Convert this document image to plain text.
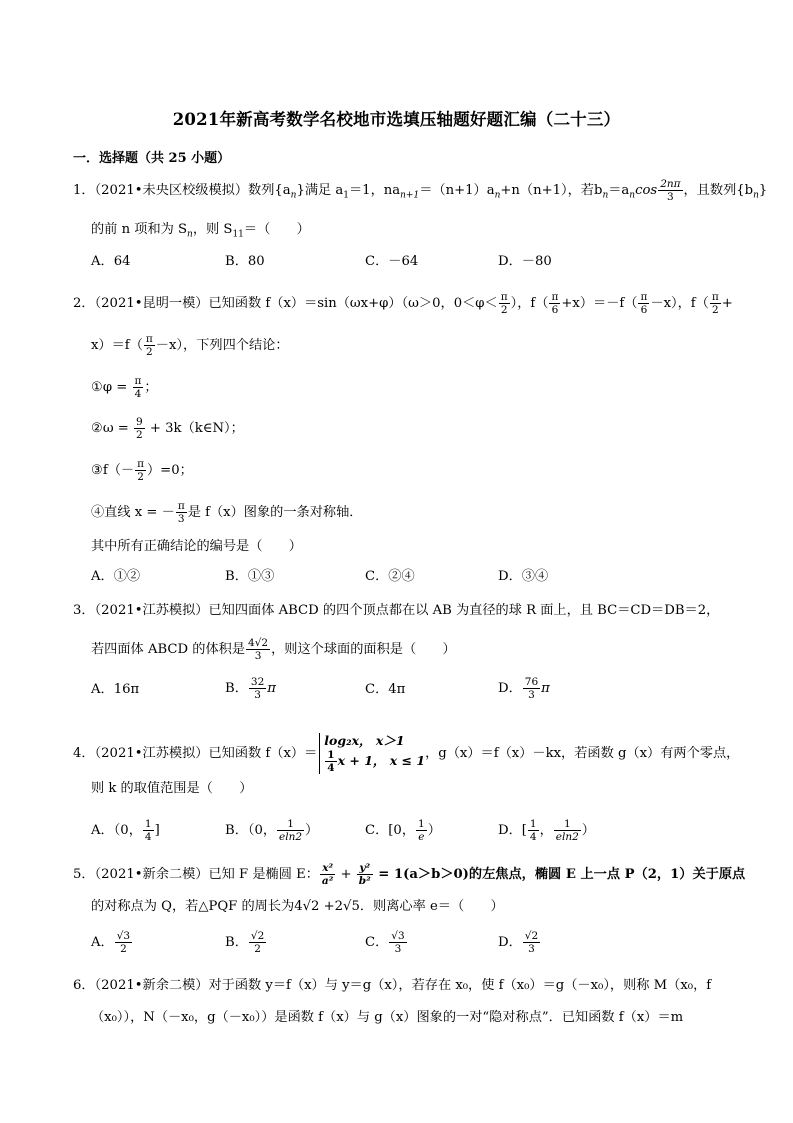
2021年新高考数学名校地市选填压轴题好题汇编（二十三）
一．选择题（共 25 小题）
1．（2021•未央区校级模拟）数列$\{a_n\}$满足 $a_1=1$，$na_{n+1}=(n+1)a_n+n(n+1)$，若$b_n=a_n\cos \frac{2n\pi}{3}$ ，且数列$\{b_n\}$
的前 n 项和为 $S_n$，则 $S_{11}=$（　　）
A．64	B．80	C．－64	D．－80
2．（2021•昆明一模）已知函数 f（x）＝sin（ωx+φ）（ω＞0，$0<\varphi< \frac{\pi}{2}$ ），$f( \frac{\pi}{6} +x)=-f( \frac{\pi}{6} -x)$，$f( \frac{\pi}{2}$ +
$x)=f( \frac{\pi}{2} -x)$，下列四个结论：
①φ = $\frac{\pi}{4}$ ；
②ω = $\frac{9}{2}$ + 3k（k∈N）；
③f（－ $\frac{\pi}{2} )=0$；
④直线 x = － $\frac{\pi}{3}$ 是 f（x）图象的一条对称轴．
其中所有正确结论的编号是（　　）
A．①②	B．①③	C．②④	D．③④
3．（2021•江苏模拟）已知四面体 ABCD 的四个顶点都在以 AB 为直径的球 R 面上，且 BC＝CD＝DB＝2，
若四面体 ABCD 的体积是 $\frac{4√2}{3}$ ，则这个球面的面积是（　　）
A．16π	B． $\frac{32}{3}$ π	C．4π	D． $\frac{76}{3}$ π
4．（2021•江苏模拟）已知函数 f（x）＝
log₂x， x＞1
$\frac{1}{4}$ x + 1， x ≤ 1 ，g（x）＝f（x）－kx，若函数 g（x）有两个零点，
则 k 的取值范围是（　　）
A．（0， $\frac{1}{4}$ ]	B．（0， $\frac{1}{eln2}$ ）	C．[0， $\frac{1}{e}$ ）	D．[ $\frac{1}{4}$ ， $\frac{1}{eln2}$ ）
5．（2021•新余二模）已知 F 是椭圆 E： $\frac{\text{x²}}{\text{a²}} + \frac{\text{y²}}{\text{b²}} = 1(a>b>0)$的左焦点，椭圆 E 上一点 P（2，1）关于原点
的对称点为 Q，若△PQF 的周长为4√2 +2√5．则离心率 e＝（　　）
A． $\frac{√3}{2}$	B． $\frac{√2}{2}$	C． $\frac{√3}{3}$	D． $\frac{√2}{3}$
6．（2021•新余二模）对于函数 y＝f（x）与 y＝g（x），若存在 x₀，使 f（x₀）＝g（－x₀），则称 M（x₀，f
（x₀）），N（－x₀，g（－x₀））是函数 f（x）与 g（x）图象的一对“隐对称点”．已知函数 f（x）＝m
